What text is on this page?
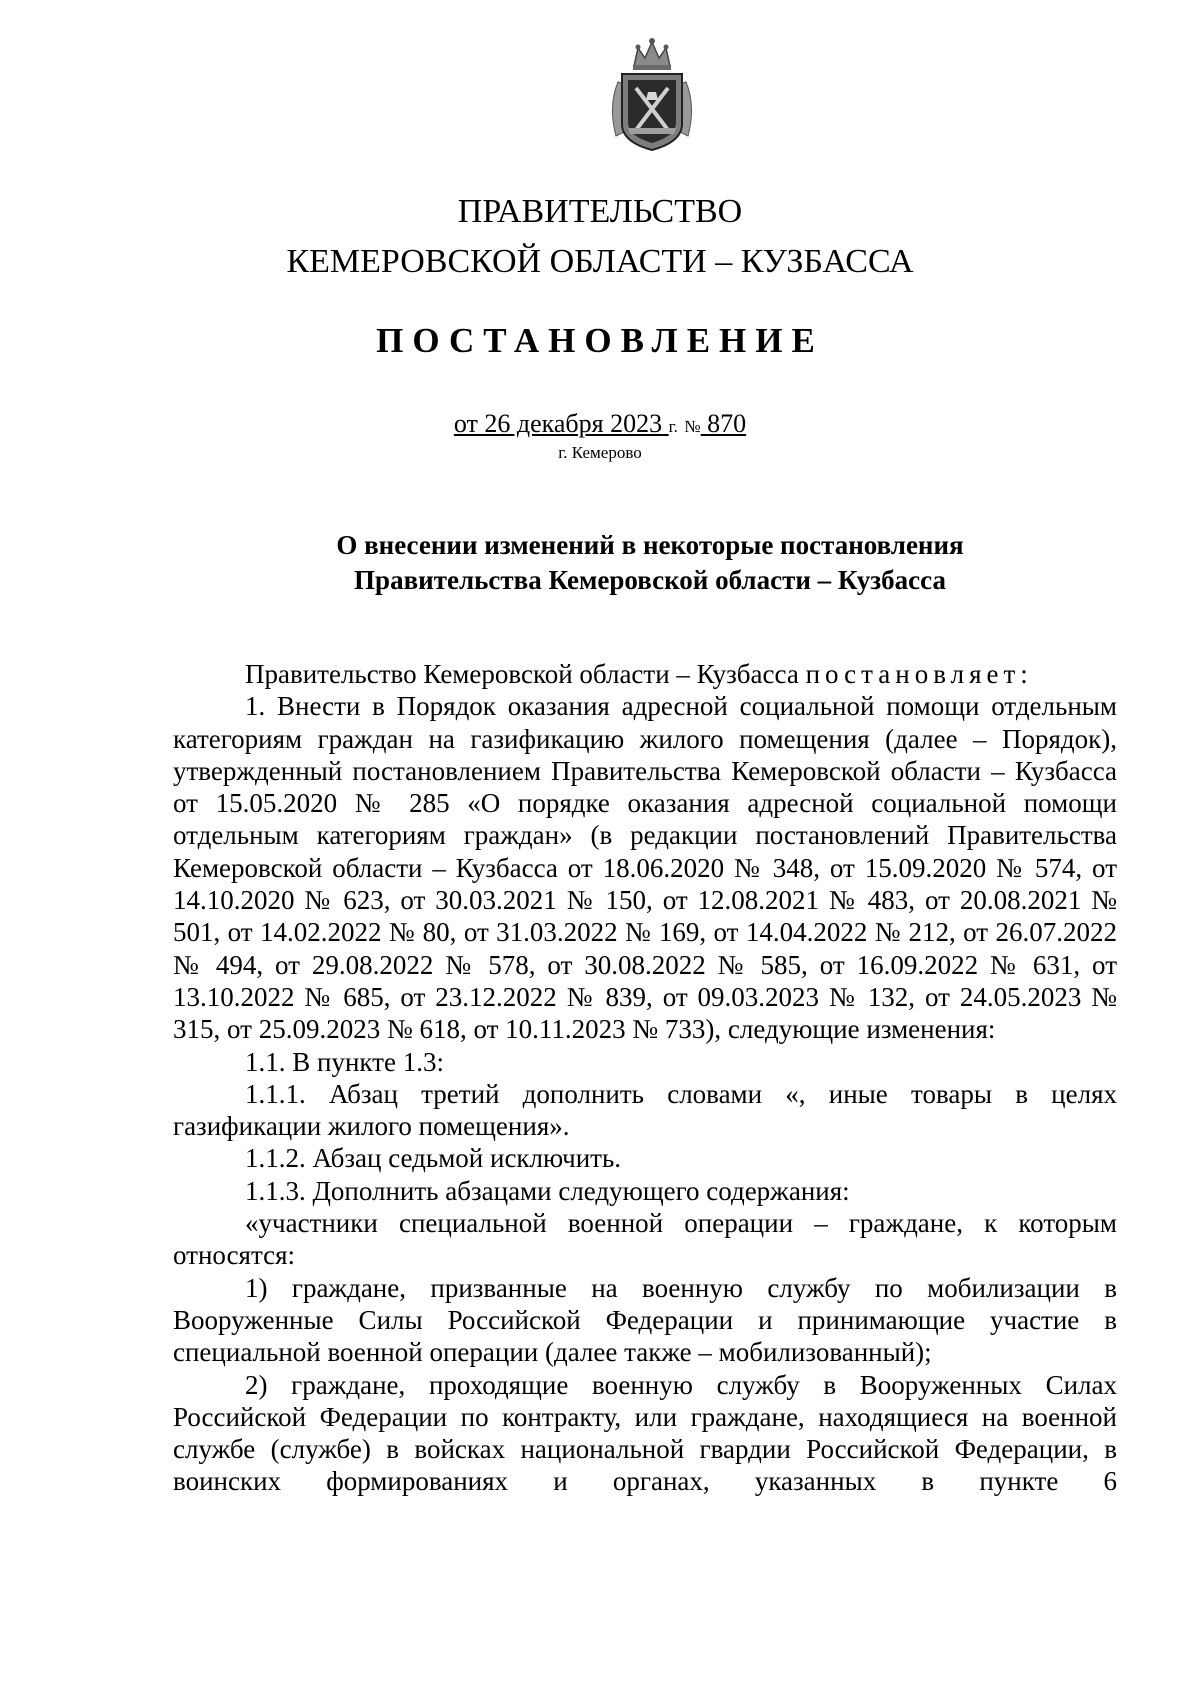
ПРАВИТЕЛЬСТВО
КЕМЕРОВСКОЙ ОБЛАСТИ – КУЗБАССА
ПОСТАНОВЛЕНИЕ
от 26 декабря 2023 г. № 870
г. Кемерово
О внесении изменений в некоторые постановления
Правительства Кемеровской области – Кузбасса

Правительство Кемеровской области – Кузбасса постановляет:

1. Внести в Порядок оказания адресной социальной помощи отдельным категориям граждан на газификацию жилого помещения (далее – Порядок), утвержденный постановлением Правительства Кемеровской области – Кузбасса от 15.05.2020 № 285 «О порядке оказания адресной социальной помощи отдельным категориям граждан» (в редакции постановлений Правительства Кемеровской области – Кузбасса от 18.06.2020 № 348, от 15.09.2020 № 574, от 14.10.2020 № 623, от 30.03.2021 № 150, от 12.08.2021 № 483, от 20.08.2021 № 501, от 14.02.2022 № 80, от 31.03.2022 № 169, от 14.04.2022 № 212, от 26.07.2022 № 494, от 29.08.2022 № 578, от 30.08.2022 № 585, от 16.09.2022 № 631, от 13.10.2022 № 685, от 23.12.2022 № 839, от 09.03.2023 № 132, от 24.05.2023 № 315, от 25.09.2023 № 618, от 10.11.2023 № 733), следующие изменения:

1.1. В пункте 1.3:

1.1.1. Абзац третий дополнить словами «, иные товары в целях газификации жилого помещения».

1.1.2. Абзац седьмой исключить.

1.1.3. Дополнить абзацами следующего содержания:

«участники специальной военной операции – граждане, к которым относятся:

1) граждане, призванные на военную службу по мобилизации в Вооруженные Силы Российской Федерации и принимающие участие в специальной военной операции (далее также – мобилизованный);

2) граждане, проходящие военную службу в Вооруженных Силах Российской Федерации по контракту, или граждане, находящиеся на военной службе (службе) в войсках национальной гвардии Российской Федерации, в воинских формированиях и органах, указанных в пункте 6
